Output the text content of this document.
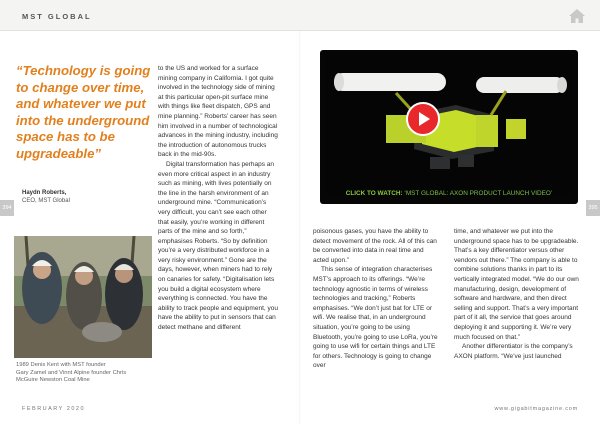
MST GLOBAL
“Technology is going to change over time, and whatever we put into the underground space has to be upgradeable”
Haydn Roberts,
CEO, MST Global
394	395
1989 Denis Kent with MST founder
Gary Zamel and Vinnt Alpine founder Chris
McGuire Newston Coal Mine

to the US and worked for a surface mining company in California. I got quite involved in the technology side of mining at this particular open-pit surface mine with things like fleet dispatch, GPS and mine planning.” Roberts’ career has seen him involved in a number of technological advances in the mining industry, including the introduction of autonomous trucks back in the mid-90s.

Digital transformation has perhaps an even more critical aspect in an industry such as mining, with lives potentially on the line in the harsh environment of an underground mine. “Communication’s very difficult, you can’t see each other that easily, you’re working in different parts of the mine and so forth,” emphasises Roberts. “So by definition you’re a very distributed workforce in a very risky environment.” Gone are the days, however, when miners had to rely on canaries for safety. “Digitalisation lets you build a digital ecosystem where everything is connected. You have the ability to track people and equipment, you have the ability to put in sensors that can detect methane and different

poisonous gases, you have the ability to detect movement of the rock. All of this can be converted into data in real time and acted upon.”

This sense of integration characterises MST’s approach to its offerings. “We’re technology agnostic in terms of wireless technologies and tracking,” Roberts emphasises. “We don’t just bat for LTE or wifi. We realise that, in an underground situation, you’re going to be using Bluetooth, you’re going to use LoRa, you’re going to use wifi for certain things and LTE for others. Technology is going to change over

time, and whatever we put into the underground space has to be upgradeable. That’s a key differentiator versus other vendors out there.” The company is able to combine solutions thanks in part to its vertically integrated model. “We do our own manufacturing, design, development of software and hardware, and then direct selling and support. That’s a very important part of it all, the service that goes around deploying it and supporting it. We’re very much focused on that.”

Another differentiator is the company’s AXON platform. “We’ve just launched

CLICK TO WATCH: ‘MST GLOBAL: AXON PRODUCT LAUNCH VIDEO’
FEBRUARY 2020	www.gigabitmagazine.com
